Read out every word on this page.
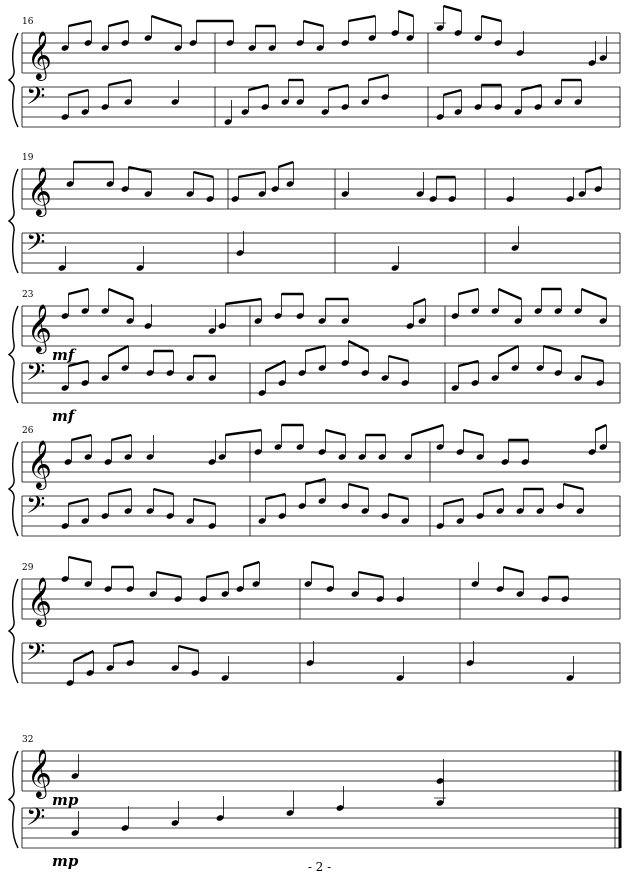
𝄞
𝄢
16
𝄞
𝄢
19
𝄞
𝄢
23
mf
mf
𝄞
𝄢
26
𝄞
𝄢
29
𝄞
𝄢
32
mp
mp	- 2 -
